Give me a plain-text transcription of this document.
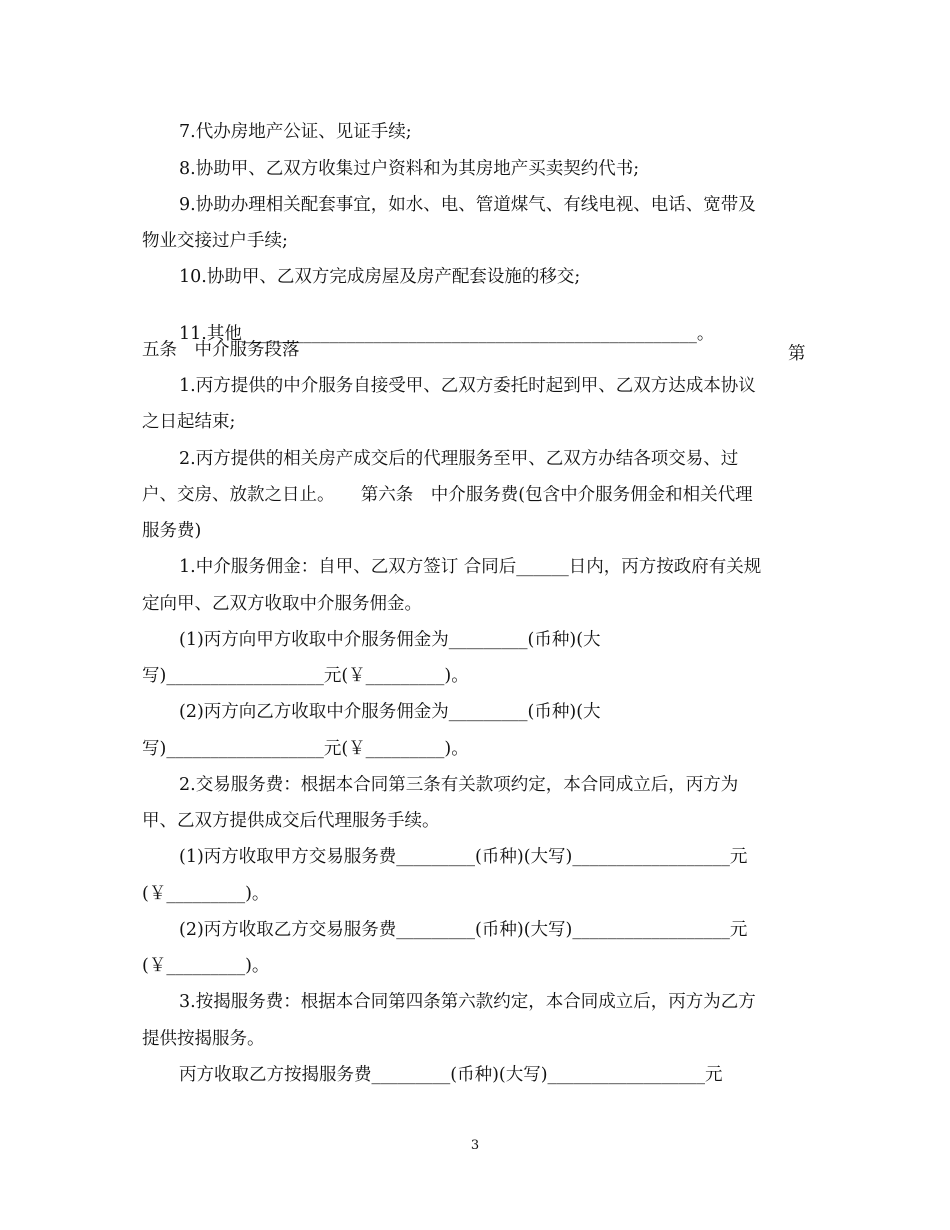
7.代办房地产公证、见证手续;
8.协助甲、乙双方收集过户资料和为其房地产买卖契约代书;
9.协助办理相关配套事宜，如水、电、管道煤气、有线电视、电话、宽带及
物业交接过户手续;
10.协助甲、乙双方完成房屋及房产配套设施的移交;

11.其他____________________________________________________。

第

五条　中介服务段落
1.丙方提供的中介服务自接受甲、乙双方委托时起到甲、乙双方达成本协议
之日起结束;
2.丙方提供的相关房产成交后的代理服务至甲、乙双方办结各项交易、过
户、交房、放款之日止。　　第六条　中介服务费(包含中介服务佣金和相关代理
服务费)
1.中介服务佣金：自甲、乙双方签订 合同后______日内，丙方按政府有关规
定向甲、乙双方收取中介服务佣金。
(1)丙方向甲方收取中介服务佣金为_________(币种)(大
写)__________________元(￥_________)。
(2)丙方向乙方收取中介服务佣金为_________(币种)(大
写)__________________元(￥_________)。
2.交易服务费：根据本合同第三条有关款项约定，本合同成立后，丙方为
甲、乙双方提供成交后代理服务手续。
(1)丙方收取甲方交易服务费_________(币种)(大写)__________________元
(￥_________)。
(2)丙方收取乙方交易服务费_________(币种)(大写)__________________元
(￥_________)。
3.按揭服务费：根据本合同第四条第六款约定，本合同成立后，丙方为乙方
提供按揭服务。
丙方收取乙方按揭服务费_________(币种)(大写)__________________元
3
